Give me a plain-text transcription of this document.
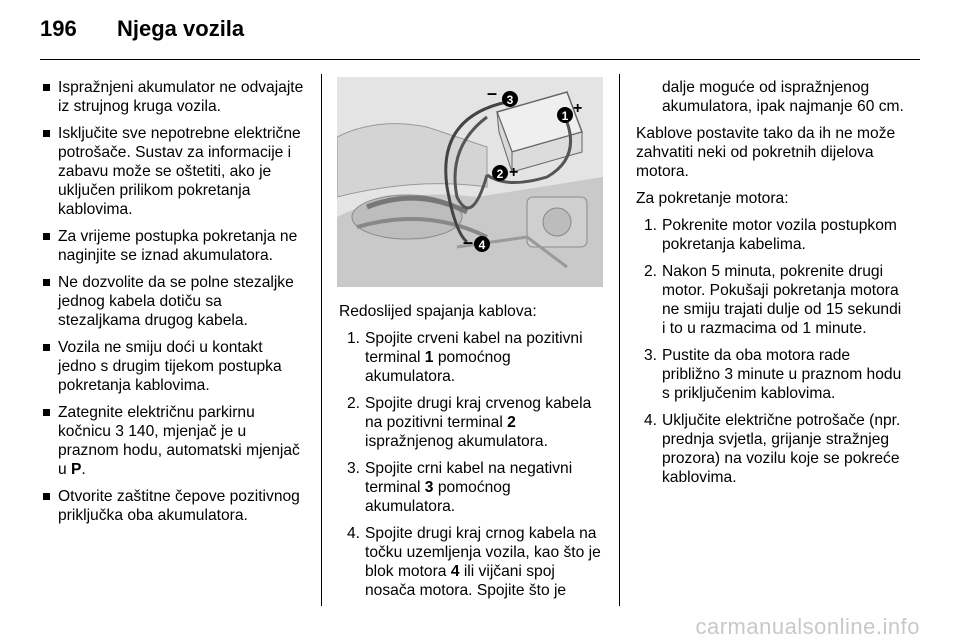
196 Njega vozila
Ispražnjeni akumulator ne odvajajte iz strujnog kruga vozila.
Isključite sve nepotrebne električne potrošače. Sustav za informacije i zabavu može se oštetiti, ako je uključen prilikom pokretanja kablovima.
Za vrijeme postupka pokretanja ne naginjite se iznad akumulatora.
Ne dozvolite da se polne stezaljke jednog kabela dotiču sa stezaljkama drugog kabela.
Vozila ne smiju doći u kontakt jedno s drugim tijekom postupka pokretanja kablovima.
Zategnite električnu parkirnu kočnicu 3 140, mjenjač je u praznom hodu, automatski mjenjač u P.
Otvorite zaštitne čepove pozitivnog priključka oba akumulatora.
– 3
1 +
2 +
– 4

Redoslijed spajanja kablova:

1. Spojite crveni kabel na pozitivni terminal 1 pomoćnog akumulatora.
2. Spojite drugi kraj crvenog kabela na pozitivni terminal 2 ispražnjenog akumulatora.
3. Spojite crni kabel na negativni terminal 3 pomoćnog akumulatora.
4. Spojite drugi kraj crnog kabela na točku uzemljenja vozila, kao što je blok motora 4 ili vijčani spoj nosača motora. Spojite što je

dalje moguće od ispražnjenog akumulatora, ipak najmanje 60 cm.

Kablove postavite tako da ih ne može zahvatiti neki od pokretnih dijelova motora.

Za pokretanje motora:

1. Pokrenite motor vozila postupkom pokretanja kabelima.
2. Nakon 5 minuta, pokrenite drugi motor. Pokušaji pokretanja motora ne smiju trajati dulje od 15 sekundi i to u razmacima od 1 minute.
3. Pustite da oba motora rade približno 3 minute u praznom hodu s priključenim kablovima.
4. Uključite električne potrošače (npr. prednja svjetla, grijanje stražnjeg prozora) na vozilu koje se pokreće kablovima.
carmanualsonline.info
